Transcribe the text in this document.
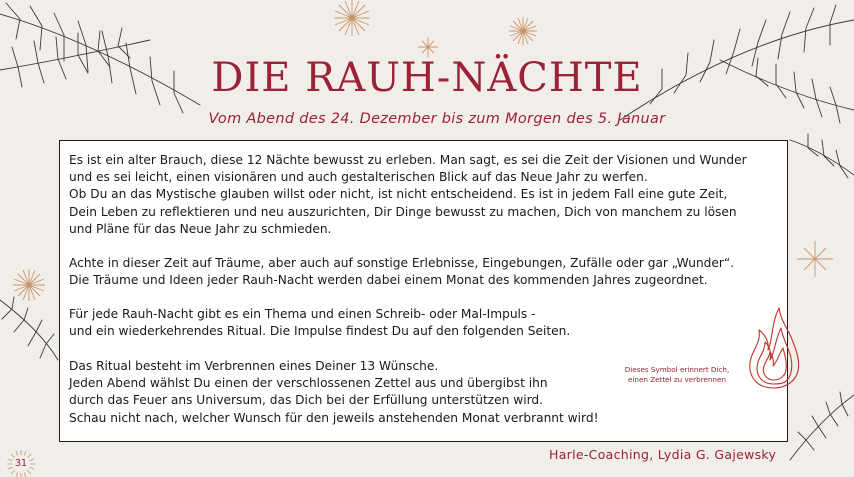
DIE RAUH-NÄCHTE
Vom Abend des 24. Dezember bis zum Morgen des 5. Januar

Es ist ein alter Brauch, diese 12 Nächte bewusst zu erleben. Man sagt, es sei die Zeit der Visionen und Wunder
und es sei leicht, einen visionären und auch gestalterischen Blick auf das Neue Jahr zu werfen.
Ob Du an das Mystische glauben willst oder nicht, ist nicht entscheidend. Es ist in jedem Fall eine gute Zeit,
Dein Leben zu reflektieren und neu auszurichten, Dir Dinge bewusst zu machen, Dich von manchem zu lösen
und Pläne für das Neue Jahr zu schmieden.

Achte in dieser Zeit auf Träume, aber auch auf sonstige Erlebnisse, Eingebungen, Zufälle oder gar „Wunder“.
Die Träume und Ideen jeder Rauh-Nacht werden dabei einem Monat des kommenden Jahres zugeordnet.

Für jede Rauh-Nacht gibt es ein Thema und einen Schreib- oder Mal-Impuls -
und ein wiederkehrendes Ritual. Die Impulse findest Du auf den folgenden Seiten.

Das Ritual besteht im Verbrennen eines Deiner 13 Wünsche.
Jeden Abend wählst Du einen der verschlossenen Zettel aus und übergibst ihn
durch das Feuer ans Universum, das Dich bei der Erfüllung unterstützen wird.
Schau nicht nach, welcher Wunsch für den jeweils anstehenden Monat verbrannt wird!

Dieses Symbol erinnert Dich,
einen Zettel zu verbrennen
Harle-Coaching, Lydia G. Gajewsky
31
